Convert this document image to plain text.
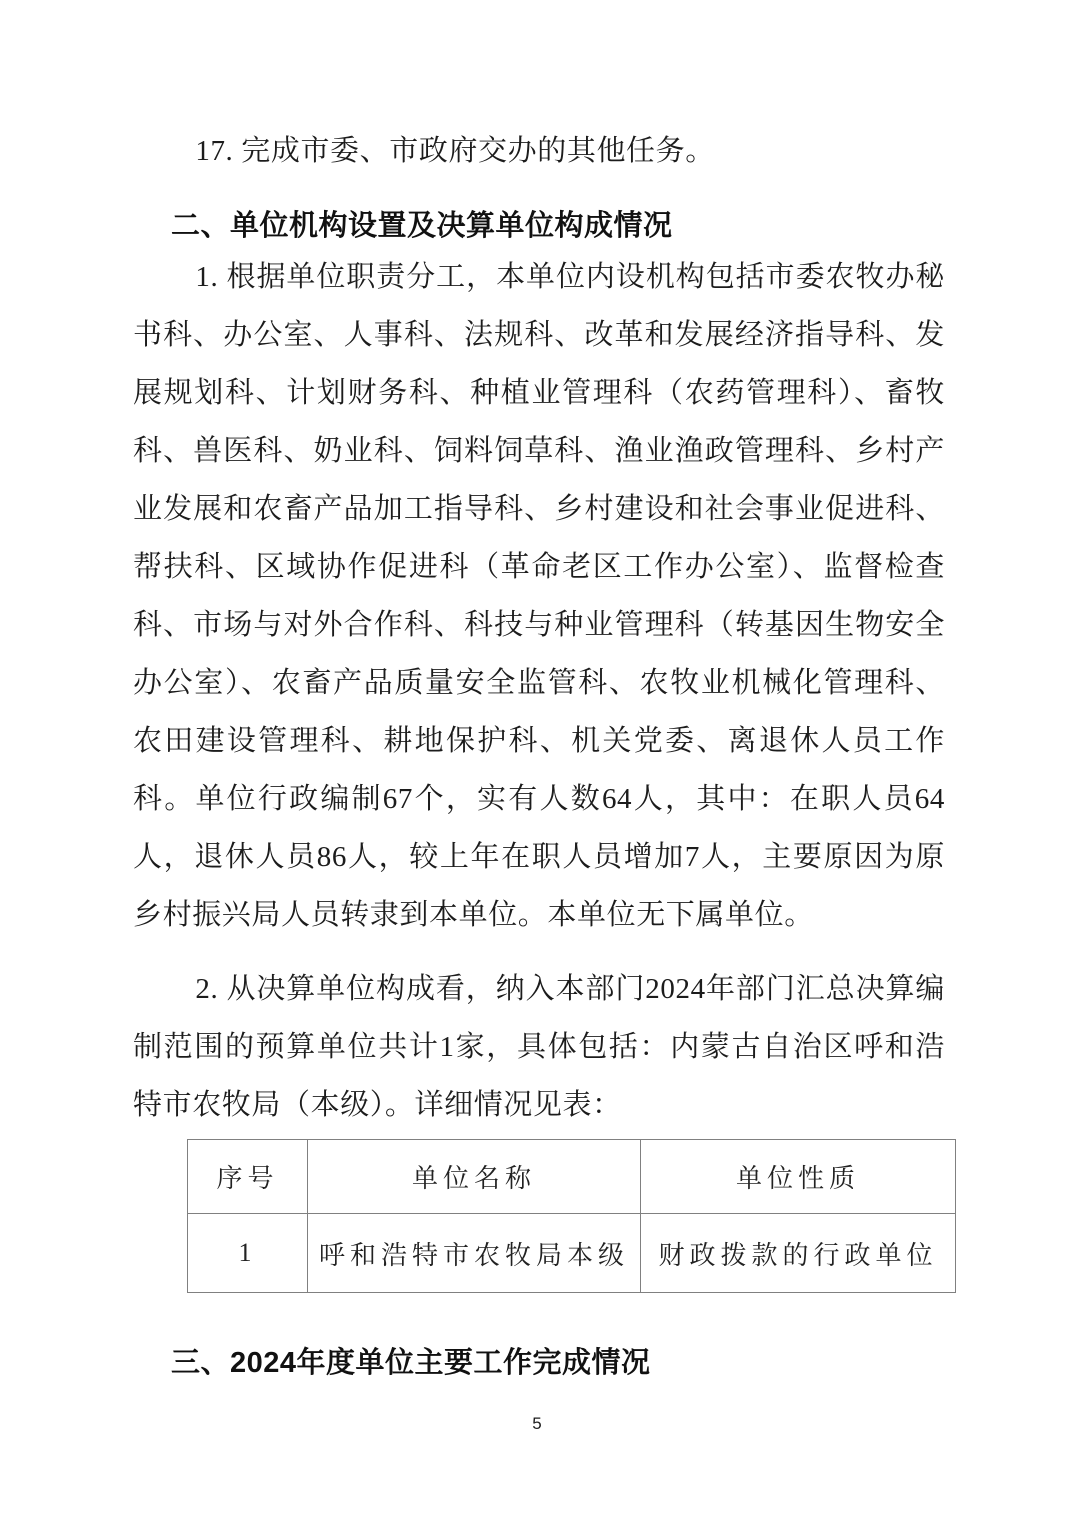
17. 完成市委、市政府交办的其他任务。

二、单位机构设置及决算单位构成情况

1. 根据单位职责分工，本单位内设机构包括市委农牧办秘书科、办公室、人事科、法规科、改革和发展经济指导科、发展规划科、计划财务科、种植业管理科（农药管理科）、畜牧科、兽医科、奶业科、饲料饲草科、渔业渔政管理科、乡村产业发展和农畜产品加工指导科、乡村建设和社会事业促进科、帮扶科、区域协作促进科（革命老区工作办公室）、监督检查科、市场与对外合作科、科技与种业管理科（转基因生物安全办公室）、农畜产品质量安全监管科、农牧业机械化管理科、农田建设管理科、耕地保护科、机关党委、离退休人员工作科。单位行政编制67个，实有人数64人，其中：在职人员64人，退休人员86人，较上年在职人员增加7人，主要原因为原乡村振兴局人员转隶到本单位。本单位无下属单位。

2. 从决算单位构成看，纳入本部门2024年部门汇总决算编制范围的预算单位共计1家，具体包括：内蒙古自治区呼和浩特市农牧局（本级）。详细情况见表：

序号	单位名称	单位性质
1	呼和浩特市农牧局本级	财政拨款的行政单位
三、2024年度单位主要工作完成情况
5
